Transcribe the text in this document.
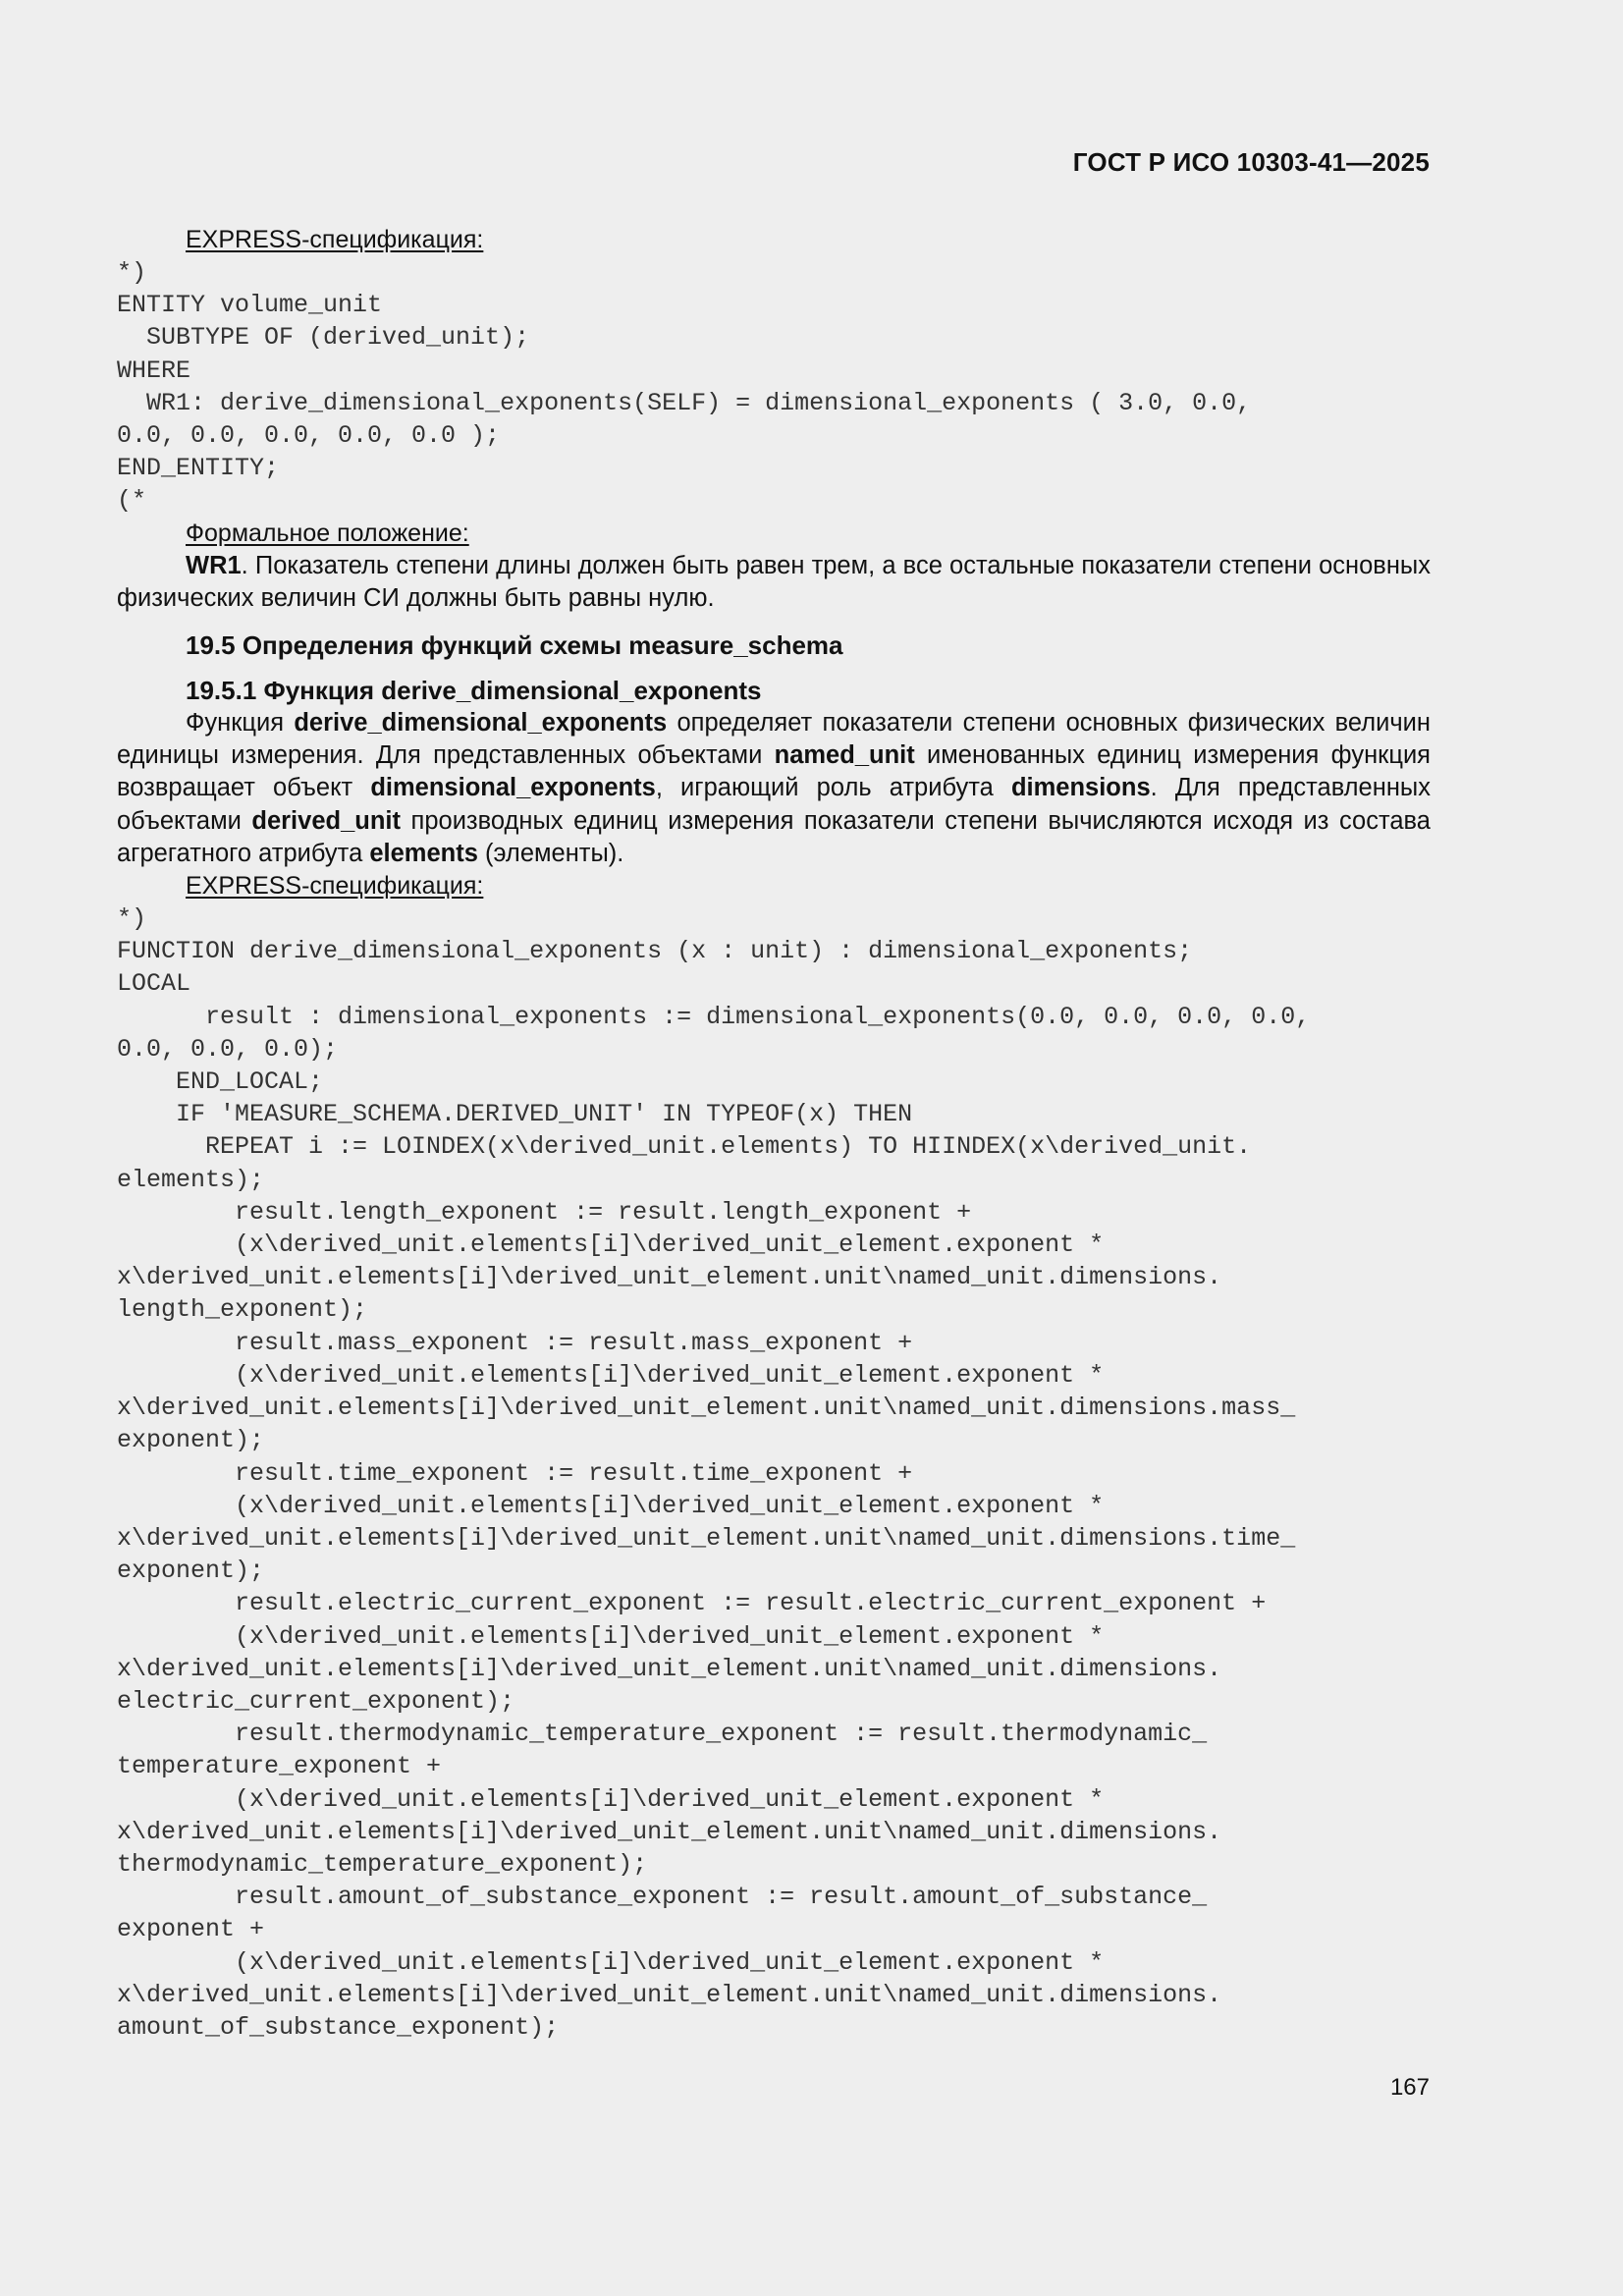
ГОСТ Р ИСО 10303-41—2025
EXPRESS-спецификация:
*)
ENTITY volume_unit
SUBTYPE OF (derived_unit);
WHERE
WR1: derive_dimensional_exponents(SELF) = dimensional_exponents ( 3.0, 0.0,
0.0, 0.0, 0.0, 0.0, 0.0 );
END_ENTITY;
(*
Формальное положение:
WR1. Показатель степени длины должен быть равен трем, а все остальные показатели степени основных физических величин СИ должны быть равны нулю.
19.5 Определения функций схемы measure_schema
19.5.1 Функция derive_dimensional_exponents
Функция derive_dimensional_exponents определяет показатели степени основных физических величин единицы измерения. Для представленных объектами named_unit именованных единиц измерения функция возвращает объект dimensional_exponents, играющий роль атрибута dimensions. Для представленных объектами derived_unit производных единиц измерения показатели степени вычисляются исходя из состава агрегатного атрибута elements (элементы).
EXPRESS-спецификация:
*)
FUNCTION derive_dimensional_exponents (x : unit) : dimensional_exponents;
LOCAL
result : dimensional_exponents := dimensional_exponents(0.0, 0.0, 0.0, 0.0,
0.0, 0.0, 0.0);
END_LOCAL;
IF 'MEASURE_SCHEMA.DERIVED_UNIT' IN TYPEOF(x) THEN
REPEAT i := LOINDEX(x\derived_unit.elements) TO HIINDEX(x\derived_unit.
elements);
result.length_exponent := result.length_exponent +
(x\derived_unit.elements[i]\derived_unit_element.exponent *
x\derived_unit.elements[i]\derived_unit_element.unit\named_unit.dimensions.
length_exponent);
result.mass_exponent := result.mass_exponent +
(x\derived_unit.elements[i]\derived_unit_element.exponent *
x\derived_unit.elements[i]\derived_unit_element.unit\named_unit.dimensions.mass_
exponent);
result.time_exponent := result.time_exponent +
(x\derived_unit.elements[i]\derived_unit_element.exponent *
x\derived_unit.elements[i]\derived_unit_element.unit\named_unit.dimensions.time_
exponent);
result.electric_current_exponent := result.electric_current_exponent +
(x\derived_unit.elements[i]\derived_unit_element.exponent *
x\derived_unit.elements[i]\derived_unit_element.unit\named_unit.dimensions.
electric_current_exponent);
result.thermodynamic_temperature_exponent := result.thermodynamic_
temperature_exponent +
(x\derived_unit.elements[i]\derived_unit_element.exponent *
x\derived_unit.elements[i]\derived_unit_element.unit\named_unit.dimensions.
thermodynamic_temperature_exponent);
result.amount_of_substance_exponent := result.amount_of_substance_
exponent +
(x\derived_unit.elements[i]\derived_unit_element.exponent *
x\derived_unit.elements[i]\derived_unit_element.unit\named_unit.dimensions.
amount_of_substance_exponent);
167
